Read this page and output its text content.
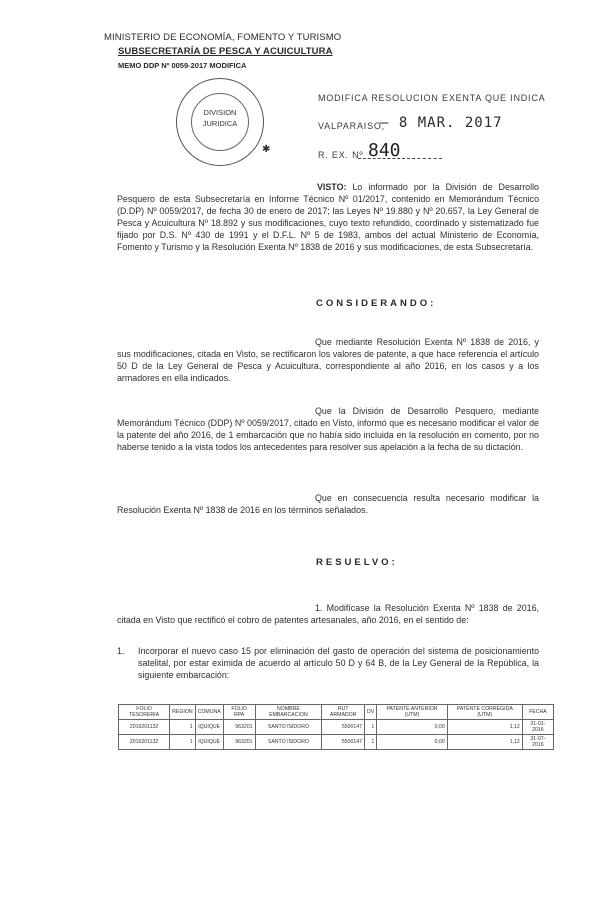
MINISTERIO DE ECONOMÍA, FOMENTO Y TURISMO
SUBSECRETARÍA DE PESCA Y ACUICULTURA
MEMO DDP Nº 0059-2017 MODIFICA
DIVISION
JURIDICA
✱
MODIFICA RESOLUCION EXENTA QUE INDICA
VALPARAISO,
– 8 MAR. 2017
R. EX. Nº 840
VISTO: Lo informado por la División de Desarrollo Pesquero de esta Subsecretaría en Informe Técnico Nº 01/2017, contenido en Memorándum Técnico (D.DP) Nº 0059/2017, de fecha 30 de enero de 2017; las Leyes Nº 19.880 y Nº 20.657, la Ley General de Pesca y Acuicultura Nº 18.892 y sus modificaciones, cuyo texto refundido, coordinado y sistematizado fue fijado por D.S. Nº 430 de 1991 y el D.F.L. Nº 5 de 1983, ambos del actual Ministerio de Economía, Fomento y Turismo y la Resolución Exenta Nº 1838 de 2016 y sus modificaciones, de esta Subsecretaría.
CONSIDERANDO:
Que mediante Resolución Exenta Nº 1838 de 2016, y sus modificaciones, citada en Visto, se rectificaron los valores de patente, a que hace referencia el artículo 50 D de la Ley General de Pesca y Acuicultura, correspondiente al año 2016, en los casos y a los armadores en ella indicados.
Que la División de Desarrollo Pesquero, mediante Memorándum Técnico (DDP) Nº 0059/2017, citado en Visto, informó que es necesario modificar el valor de la patente del año 2016, de 1 embarcación que no había sido incluida en la resolución en comento, por no haberse tenido a la vista todos los antecedentes para resolver sus apelación a la fecha de su dictación.
Que en consecuencia resulta necesario modificar la Resolución Exenta Nº 1838 de 2016 en los términos señalados.
RESUELVO:
1. Modifícase la Resolución Exenta Nº 1838 de 2016, citada en Visto que rectificó el cobro de patentes artesanales, año 2016, en el sentido de:
1. Incorporar el nuevo caso 15 por eliminación del gasto de operación del sistema de posicionamiento satelital, por estar eximida de acuerdo al artículo 50 D y 64 B, de la Ley General de la República, la siguiente embarcación:
FOLIO TESORERIA	REGION	COMUNA	FOLIO RPA	NOMBRE EMBARCACION	RUT ARMADOR	DV	PATENTE ANTERIOR (UTM)	PATENTE CORREGIDA (UTM)	FECHA
2016201132	1	IQUIQUE	963201	SANTO ISIDORO	5500147	1	0,00	1,12	31-01-2016
2016201132	1	IQUIQUE	963201	SANTO ISIDORO	5500147	1	0,00	1,12	31-07-2016
